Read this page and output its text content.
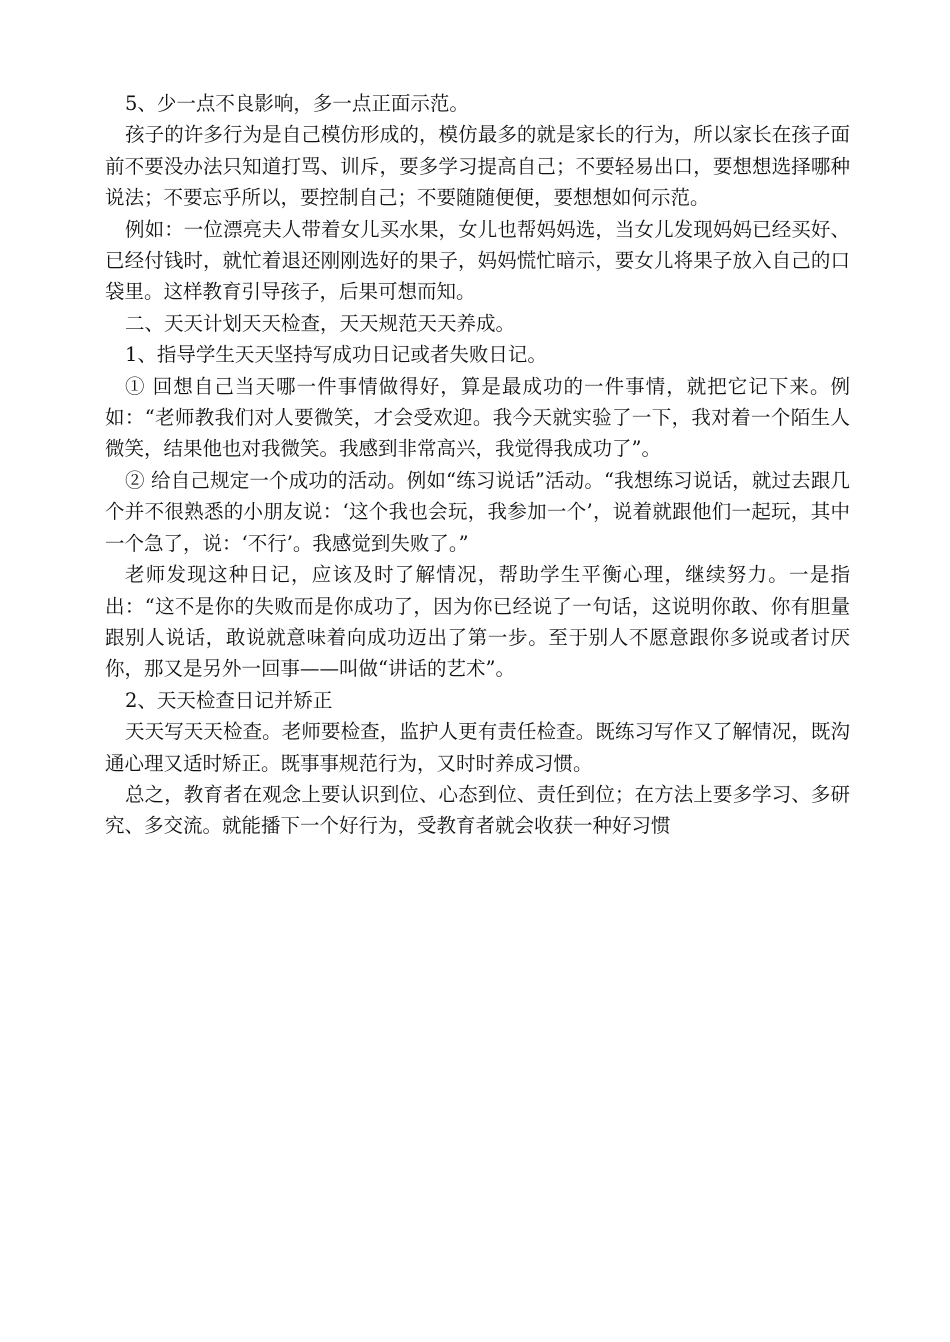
5、少一点不良影响，多一点正面示范。

孩子的许多行为是自己模仿形成的，模仿最多的就是家长的行为，所以家长在孩子面前不要没办法只知道打骂、训斥，要多学习提高自己；不要轻易出口，要想想选择哪种说法；不要忘乎所以，要控制自己；不要随随便便，要想想如何示范。

例如：一位漂亮夫人带着女儿买水果，女儿也帮妈妈选，当女儿发现妈妈已经买好、已经付钱时，就忙着退还刚刚选好的果子，妈妈慌忙暗示，要女儿将果子放入自己的口袋里。这样教育引导孩子，后果可想而知。

二、天天计划天天检查，天天规范天天养成。

1、指导学生天天坚持写成功日记或者失败日记。

① 回想自己当天哪一件事情做得好，算是最成功的一件事情，就把它记下来。例如：“老师教我们对人要微笑，才会受欢迎。我今天就实验了一下，我对着一个陌生人微笑，结果他也对我微笑。我感到非常高兴，我觉得我成功了”。

② 给自己规定一个成功的活动。例如“练习说话”活动。“我想练习说话，就过去跟几个并不很熟悉的小朋友说：‘这个我也会玩，我参加一个’，说着就跟他们一起玩，其中一个急了，说：‘不行’。我感觉到失败了。”

老师发现这种日记，应该及时了解情况，帮助学生平衡心理，继续努力。一是指出：“这不是你的失败而是你成功了，因为你已经说了一句话，这说明你敢、你有胆量跟别人说话，敢说就意味着向成功迈出了第一步。至于别人不愿意跟你多说或者讨厌你，那又是另外一回事——叫做“讲话的艺术”。

2、天天检查日记并矫正

天天写天天检查。老师要检查，监护人更有责任检查。既练习写作又了解情况，既沟通心理又适时矫正。既事事规范行为，又时时养成习惯。

总之，教育者在观念上要认识到位、心态到位、责任到位；在方法上要多学习、多研究、多交流。就能播下一个好行为，受教育者就会收获一种好习惯
